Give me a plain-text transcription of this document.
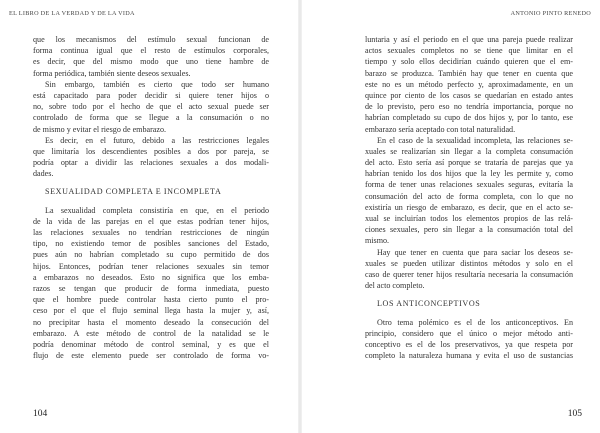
EL LIBRO DE LA VERDAD Y DE LA VIDA
que los mecanismos del estímulo sexual funcionan de
forma continua igual que el resto de estímulos corporales,
es decir, que del mismo modo que uno tiene hambre de
forma periódica, también siente deseos sexuales.
Sin embargo, también es cierto que todo ser humano
está capacitado para poder decidir si quiere tener hijos o
no, sobre todo por el hecho de que el acto sexual puede ser
controlado de forma que se llegue a la consumación o no
de mismo y evitar el riesgo de embarazo.
Es decir, en el futuro, debido a las restricciones legales
que limitaría los descendientes posibles a dos por pareja, se
podría optar a dividir las relaciones sexuales a dos modali-
dades.
SEXUALIDAD COMPLETA E INCOMPLETA
La sexualidad completa consistiría en que, en el periodo
de la vida de las parejas en el que estas podrían tener hijos,
las relaciones sexuales no tendrían restricciones de ningún
tipo, no existiendo temor de posibles sanciones del Estado,
pues aún no habrían completado su cupo permitido de dos
hijos. Entonces, podrían tener relaciones sexuales sin temor
a embarazos no deseados. Esto no significa que los emba-
razos se tengan que producir de forma inmediata, puesto
que el hombre puede controlar hasta cierto punto el pro-
ceso por el que el flujo seminal llega hasta la mujer y, así,
no precipitar hasta el momento deseado la consecución del
embarazo. A este método de control de la natalidad se le
podría denominar método de control seminal, y es que el
flujo de este elemento puede ser controlado de forma vo-
104
ANTONIO PINTO RENEDO
luntaria y así el periodo en el que una pareja puede realizar
actos sexuales completos no se tiene que limitar en el
tiempo y solo ellos decidirían cuándo quieren que el em-
barazo se produzca. También hay que tener en cuenta que
este no es un método perfecto y, aproximadamente, en un
quince por ciento de los casos se quedarían en estado antes
de lo previsto, pero eso no tendría importancia, porque no
habrían completado su cupo de dos hijos y, por lo tanto, ese
embarazo sería aceptado con total naturalidad.
En el caso de la sexualidad incompleta, las relaciones se-
xuales se realizarían sin llegar a la completa consumación
del acto. Esto sería así porque se trataría de parejas que ya
habrían tenido los dos hijos que la ley les permite y, como
forma de tener unas relaciones sexuales seguras, evitaría la
consumación del acto de forma completa, con lo que no
existiría un riesgo de embarazo, es decir, que en el acto se-
xual se incluirían todos los elementos propios de las relá-
ciones sexuales, pero sin llegar a la consumación total del
mismo.
Hay que tener en cuenta que para saciar los deseos se-
xuales se pueden utilizar distintos métodos y solo en el
caso de querer tener hijos resultaría necesaria la consumación
del acto completo.
LOS ANTICONCEPTIVOS
Otro tema polémico es el de los anticonceptivos. En
principio, considero que el único o mejor método anti-
conceptivo es el de los preservativos, ya que respeta por
completo la naturaleza humana y evita el uso de sustancias
105
